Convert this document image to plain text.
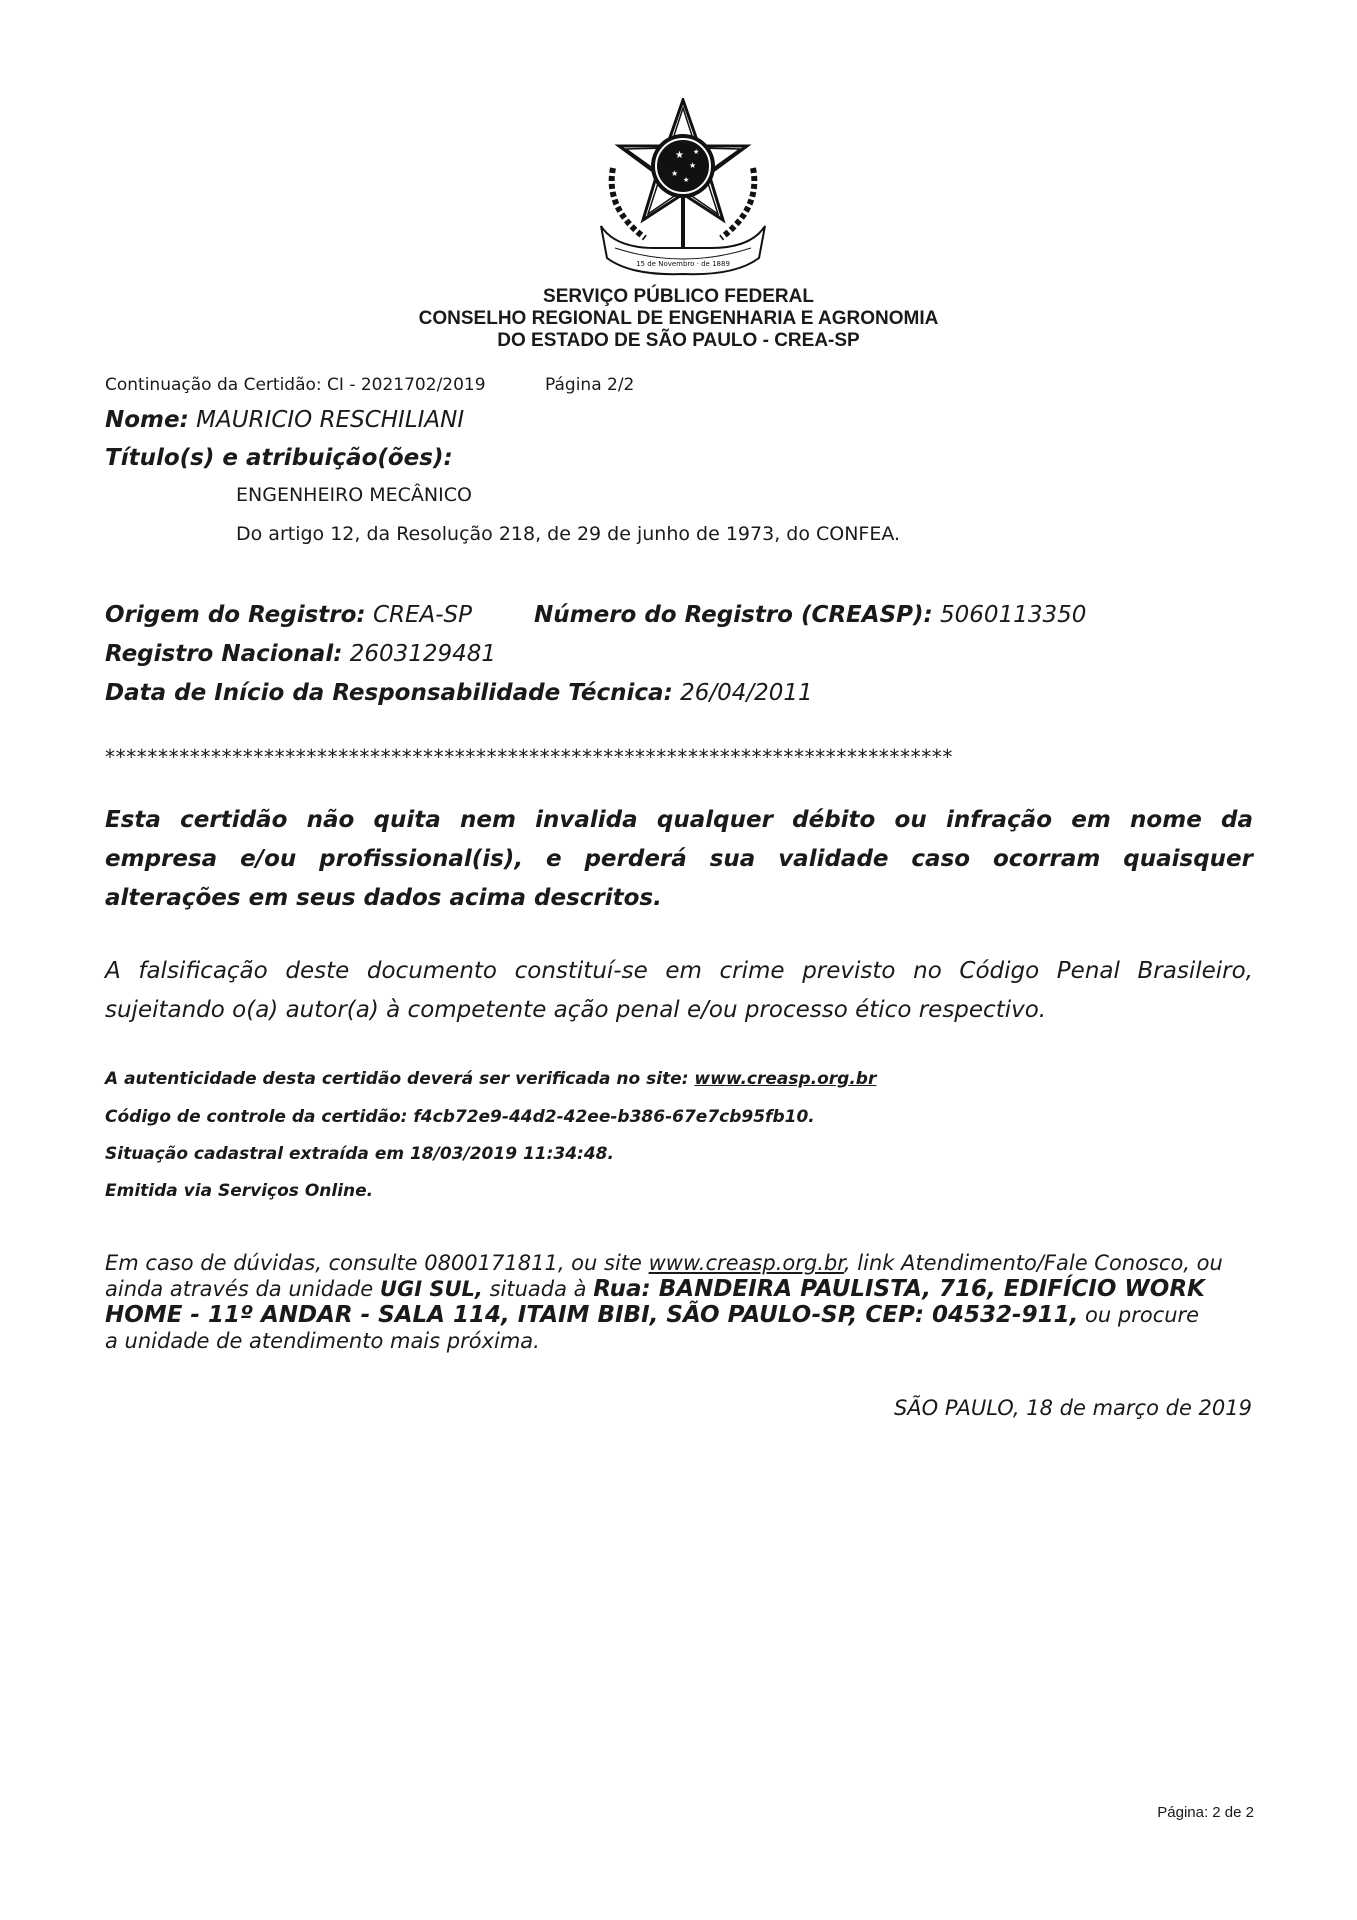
★
★
★
★
★
15 de Novembro · de 1889
SERVIÇO PÚBLICO FEDERAL
CONSELHO REGIONAL DE ENGENHARIA E AGRONOMIA
DO ESTADO DE SÃO PAULO - CREA-SP
Continuação da Certidão: CI - 2021702/2019	Página 2/2
Nome: MAURICIO RESCHILIANI
Título(s) e atribuição(ões):
ENGENHEIRO MECÂNICO
Do artigo 12, da Resolução 218, de 29 de junho de 1973, do CONFEA.
Origem do Registro: CREA-SP	Número do Registro (CREASP): 5060113350
Registro Nacional: 2603129481
Data de Início da Responsabilidade Técnica: 26/04/2011
********************************************************************************
Esta certidão não quita nem invalida qualquer débito ou infração em nome da
empresa e/ou profissional(is), e perderá sua validade caso ocorram quaisquer
alterações em seus dados acima descritos.
A falsificação deste documento constituí-se em crime previsto no Código Penal Brasileiro,
sujeitando o(a) autor(a) à competente ação penal e/ou processo ético respectivo.
A autenticidade desta certidão deverá ser verificada no site: www.creasp.org.br
Código de controle da certidão: f4cb72e9-44d2-42ee-b386-67e7cb95fb10.
Situação cadastral extraída em 18/03/2019 11:34:48.
Emitida via Serviços Online.
Em caso de dúvidas, consulte 0800171811, ou site www.creasp.org.br, link Atendimento/Fale Conosco, ou
ainda através da unidade UGI SUL, situada à Rua: BANDEIRA PAULISTA, 716, EDIFÍCIO WORK
HOME - 11º ANDAR - SALA 114, ITAIM BIBI, SÃO PAULO-SP, CEP: 04532-911, ou procure
a unidade de atendimento mais próxima.
SÃO PAULO, 18 de março de 2019
Página: 2 de 2
